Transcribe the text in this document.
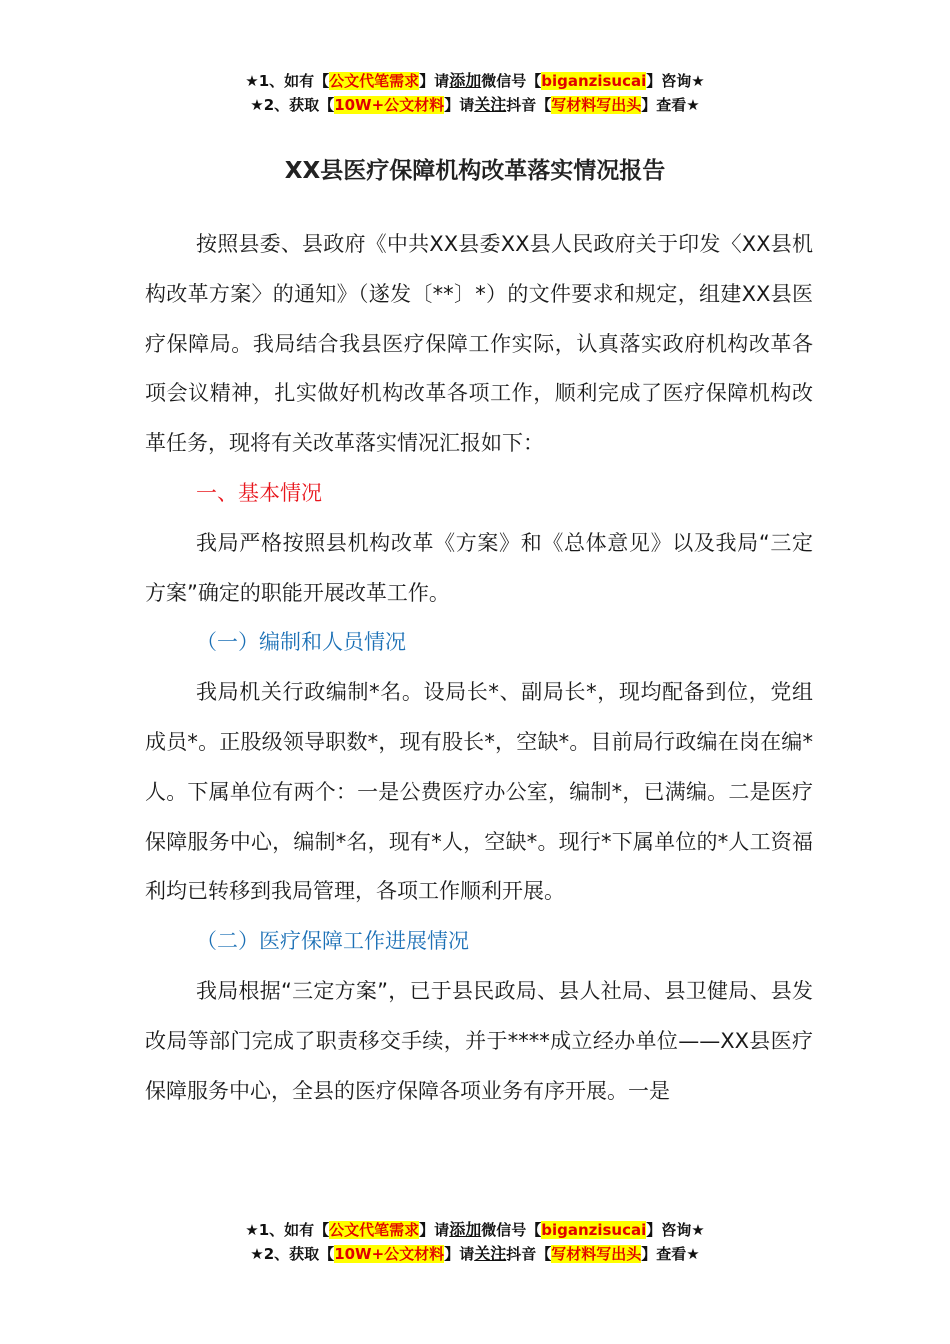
★1、如有【公文代笔需求】请添加微信号【biganzisucai】咨询★
★2、获取【10W+公文材料】请关注抖音【写材料写出头】查看★
XX县医疗保障机构改革落实情况报告

按照县委、县政府《中共XX县委XX县人民政府关于印发〈XX县机构改革方案〉的通知》（遂发〔**〕*）的文件要求和规定，组建XX县医疗保障局。我局结合我县医疗保障工作实际，认真落实政府机构改革各项会议精神，扎实做好机构改革各项工作，顺利完成了医疗保障机构改革任务，现将有关改革落实情况汇报如下：

一、基本情况

我局严格按照县机构改革《方案》和《总体意见》以及我局“三定方案”确定的职能开展改革工作。

（一）编制和人员情况

我局机关行政编制*名。设局长*、副局长*，现均配备到位，党组成员*。正股级领导职数*，现有股长*，空缺*。目前局行政编在岗在编*人。下属单位有两个：一是公费医疗办公室，编制*，已满编。二是医疗保障服务中心，编制*名，现有*人，空缺*。现行*下属单位的*人工资福利均已转移到我局管理，各项工作顺利开展。

（二）医疗保障工作进展情况

我局根据“三定方案”，已于县民政局、县人社局、县卫健局、县发改局等部门完成了职责移交手续，并于****成立经办单位——XX县医疗保障服务中心，全县的医疗保障各项业务有序开展。一是

★1、如有【公文代笔需求】请添加微信号【biganzisucai】咨询★
★2、获取【10W+公文材料】请关注抖音【写材料写出头】查看★
